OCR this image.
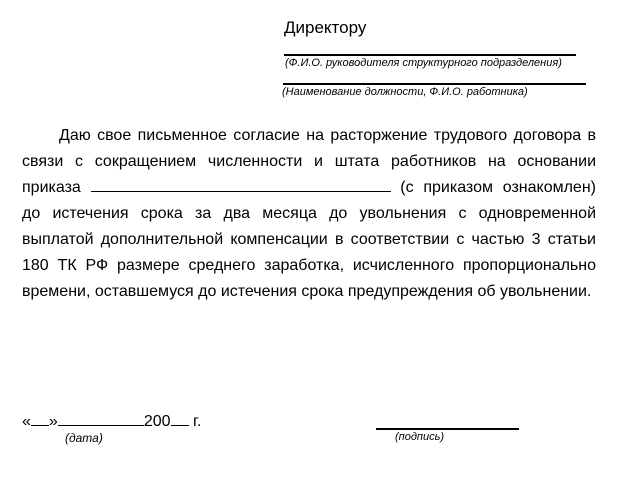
Директору
(Ф.И.О. руководителя структурного подразделения)
(Наименование должности, Ф.И.О. работника)

Даю свое письменное согласие на расторжение трудового договора в связи с сокращением численности и штата работников на основании приказа	(с приказом ознакомлен) до истечения срока за два месяца до увольнения с одновременной выплатой дополнительной компенсации в соответствии с частью 3 статьи 180 ТК РФ размере среднего заработка, исчисленного пропорционально времени, оставшемуся до истечения срока предупреждения об увольнении.

« »	200 г.
(дата)	(подпись)
